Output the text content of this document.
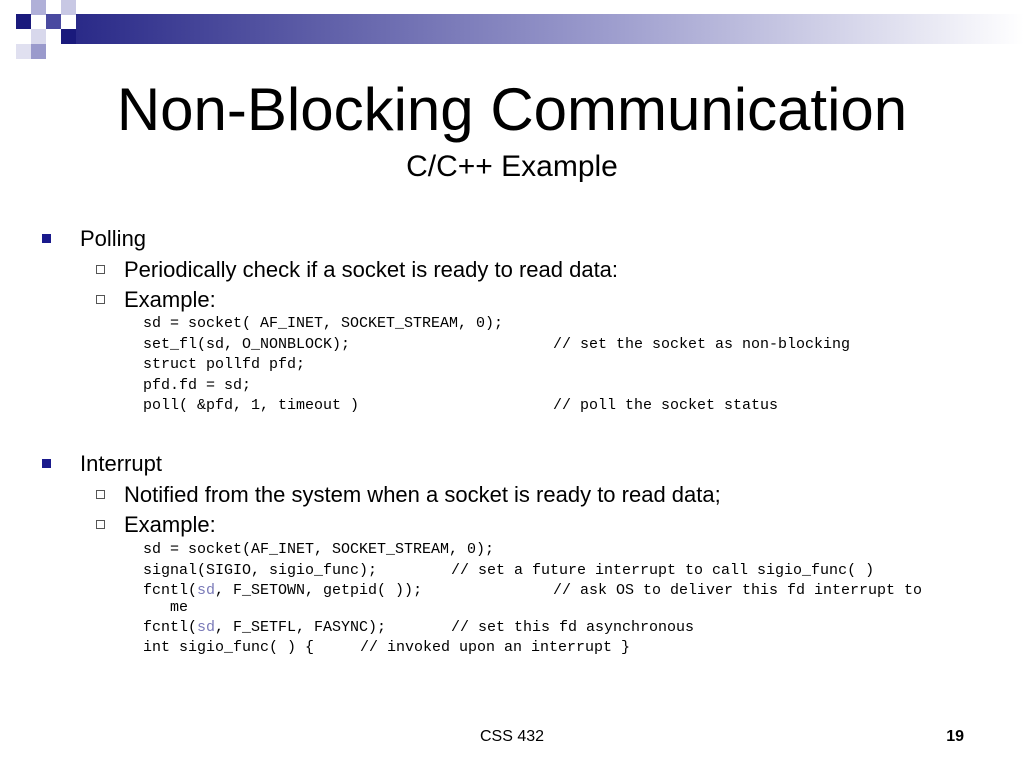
Non-Blocking Communication
C/C++ Example
Polling
Periodically check if a socket is ready to read data:
Example:
sd = socket( AF_INET, SOCKET_STREAM, 0);
set_fl(sd, O_NONBLOCK);	// set the socket as non-blocking
struct pollfd pfd;
pfd.fd = sd;
poll( &pfd, 1, timeout )	// poll the socket status
Interrupt
Notified from the system when a socket is ready to read data;
Example:
sd = socket(AF_INET, SOCKET_STREAM, 0);
signal(SIGIO, sigio_func);	// set a future interrupt to call sigio_func( )
fcntl(sd, F_SETOWN, getpid( ));	// ask OS to deliver this fd interrupt to
me
fcntl(sd, F_SETFL, FASYNC);	// set this fd asynchronous
int sigio_func( ) {	// invoked upon an interrupt }
CSS 432	19
